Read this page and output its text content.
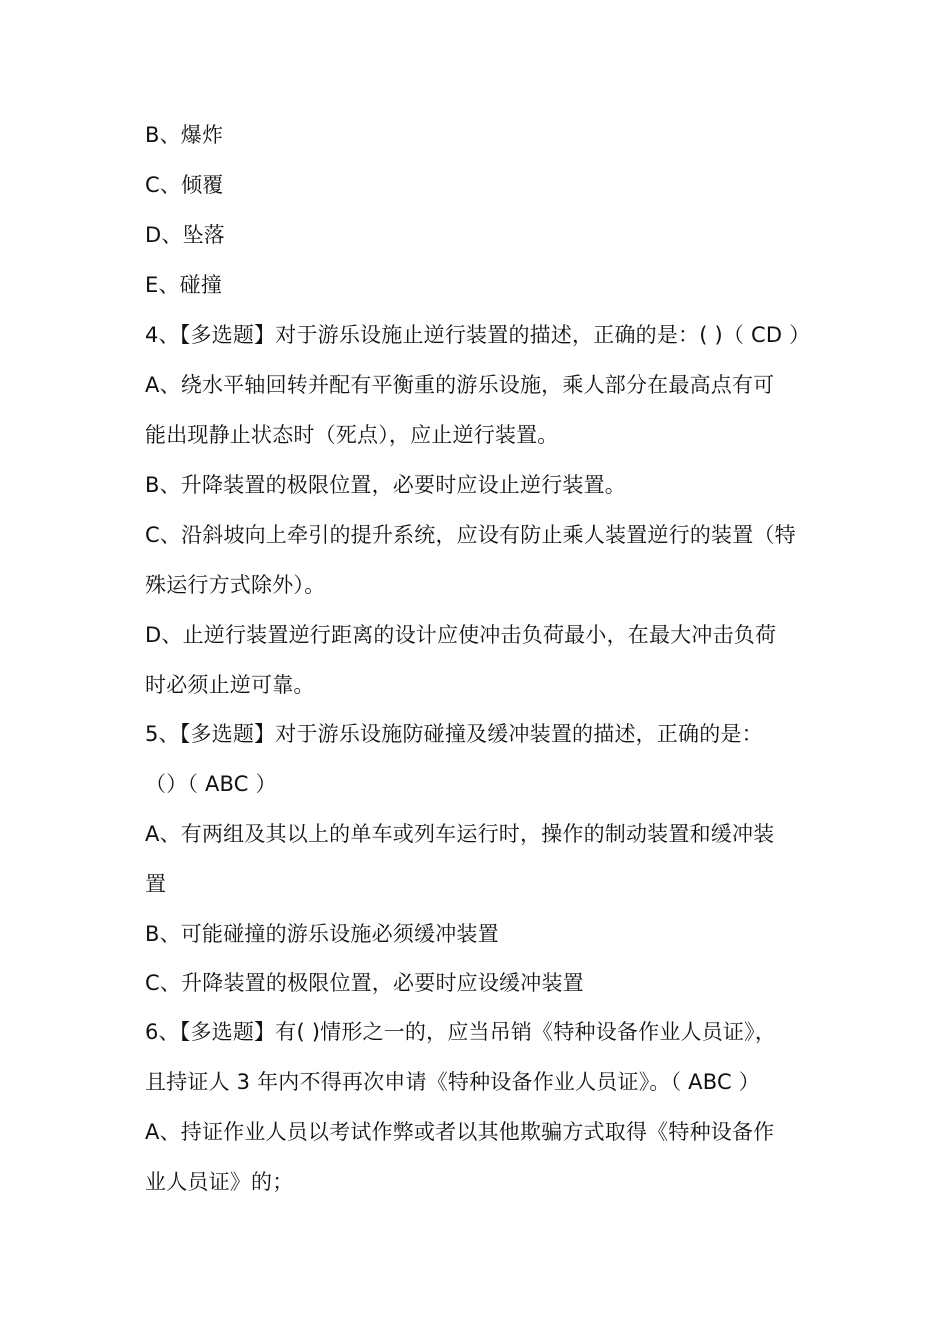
B、爆炸
C、倾覆
D、坠落
E、碰撞
4、【多选题】对于游乐设施止逆行装置的描述，正确的是：( )（ CD ）
A、绕水平轴回转并配有平衡重的游乐设施，乘人部分在最高点有可
能出现静止状态时（死点），应止逆行装置。
B、升降装置的极限位置，必要时应设止逆行装置。
C、沿斜坡向上牵引的提升系统，应设有防止乘人装置逆行的装置（特
殊运行方式除外）。
D、止逆行装置逆行距离的设计应使冲击负荷最小，在最大冲击负荷
时必须止逆可靠。
5、【多选题】对于游乐设施防碰撞及缓冲装置的描述，正确的是：
（）（ ABC ）
A、有两组及其以上的单车或列车运行时，操作的制动装置和缓冲装
置
B、可能碰撞的游乐设施必须缓冲装置
C、升降装置的极限位置，必要时应设缓冲装置
6、【多选题】有( )情形之一的，应当吊销《特种设备作业人员证》，
且持证人 3 年内不得再次申请《特种设备作业人员证》。（ ABC ）
A、持证作业人员以考试作弊或者以其他欺骗方式取得《特种设备作
业人员证》的；
